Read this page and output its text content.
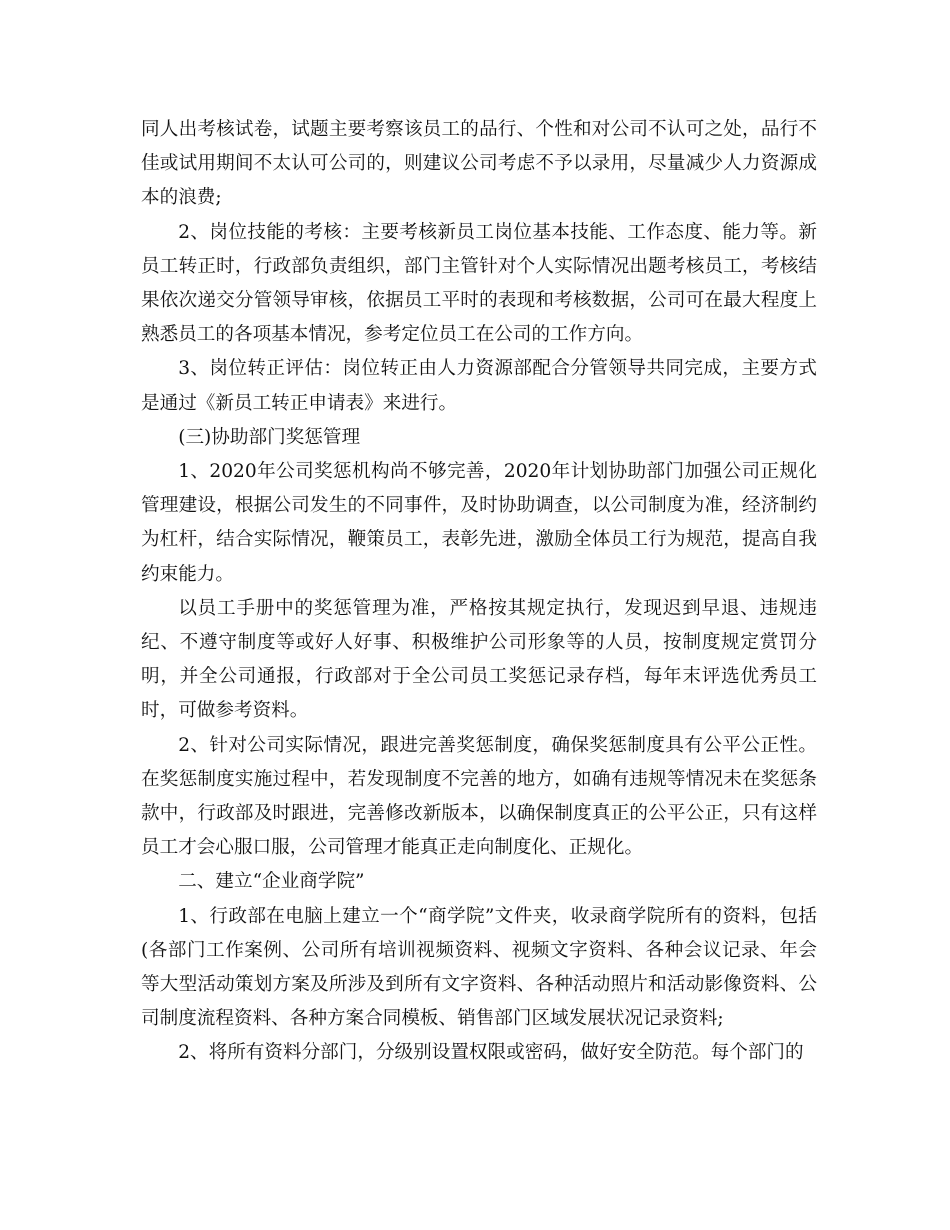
同人出考核试卷，试题主要考察该员工的品行、个性和对公司不认可之处，品行不佳或试用期间不太认可公司的，则建议公司考虑不予以录用，尽量减少人力资源成本的浪费;

2、岗位技能的考核：主要考核新员工岗位基本技能、工作态度、能力等。新员工转正时，行政部负责组织，部门主管针对个人实际情况出题考核员工，考核结果依次递交分管领导审核，依据员工平时的表现和考核数据，公司可在最大程度上熟悉员工的各项基本情况，参考定位员工在公司的工作方向。

3、岗位转正评估：岗位转正由人力资源部配合分管领导共同完成，主要方式是通过《新员工转正申请表》来进行。

(三)协助部门奖惩管理

1、2020年公司奖惩机构尚不够完善，2020年计划协助部门加强公司正规化管理建设，根据公司发生的不同事件，及时协助调查，以公司制度为准，经济制约为杠杆，结合实际情况，鞭策员工，表彰先进，激励全体员工行为规范，提高自我约束能力。

以员工手册中的奖惩管理为准，严格按其规定执行，发现迟到早退、违规违纪、不遵守制度等或好人好事、积极维护公司形象等的人员，按制度规定赏罚分明，并全公司通报，行政部对于全公司员工奖惩记录存档，每年末评选优秀员工时，可做参考资料。

2、针对公司实际情况，跟进完善奖惩制度，确保奖惩制度具有公平公正性。在奖惩制度实施过程中，若发现制度不完善的地方，如确有违规等情况未在奖惩条款中，行政部及时跟进，完善修改新版本，以确保制度真正的公平公正，只有这样员工才会心服口服，公司管理才能真正走向制度化、正规化。

二、建立“企业商学院”

1、行政部在电脑上建立一个“商学院”文件夹，收录商学院所有的资料，包括(各部门工作案例、公司所有培训视频资料、视频文字资料、各种会议记录、年会等大型活动策划方案及所涉及到所有文字资料、各种活动照片和活动影像资料、公司制度流程资料、各种方案合同模板、销售部门区域发展状况记录资料;

2、将所有资料分部门，分级别设置权限或密码，做好安全防范。每个部门的
